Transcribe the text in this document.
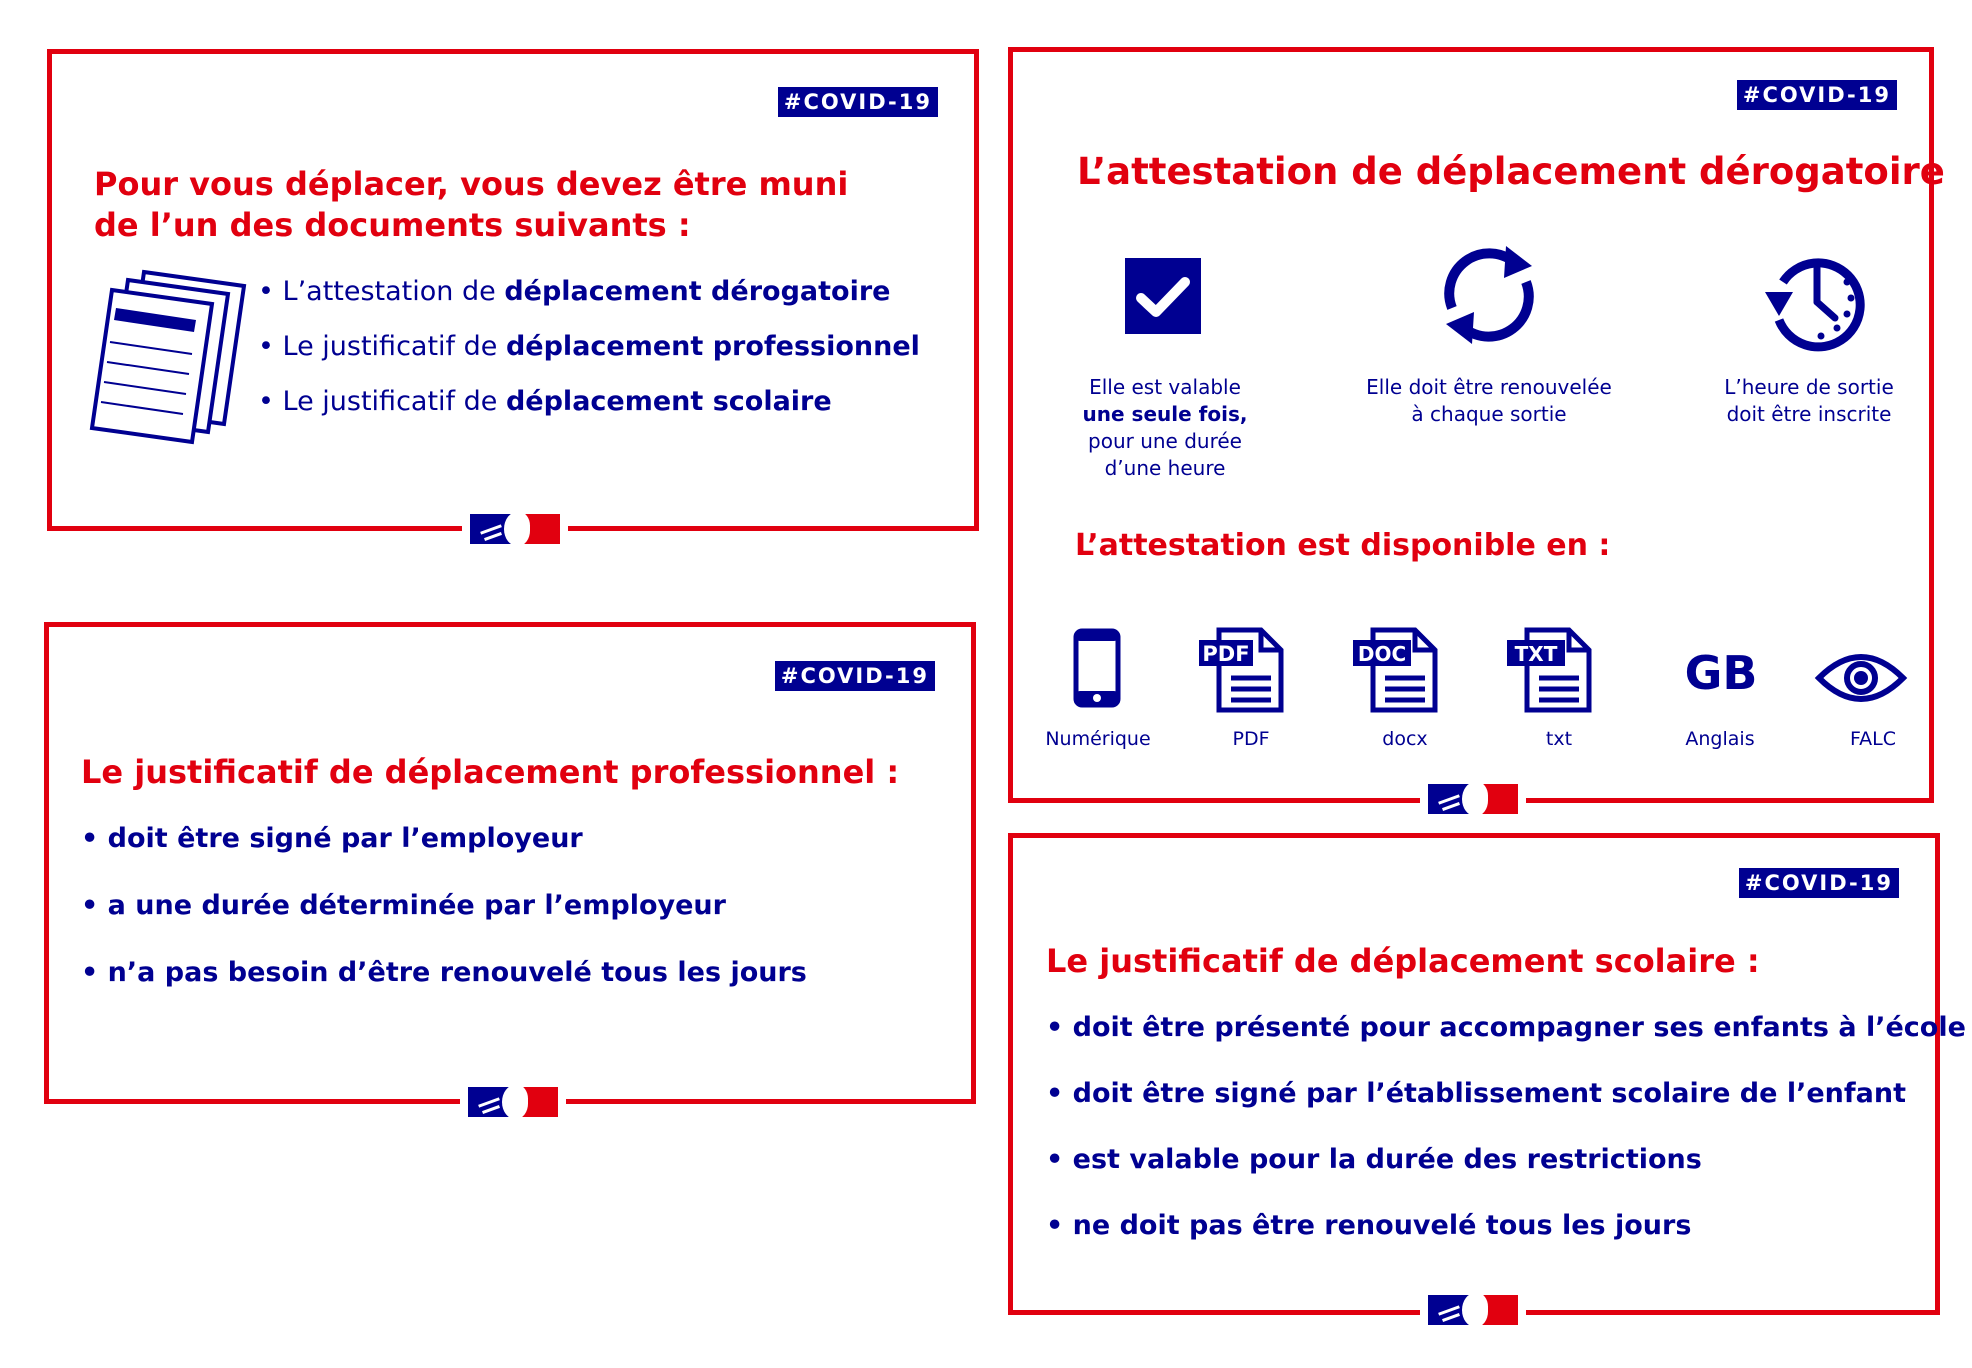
#COVID-19
Pour vous déplacer, vous devez être muni
de l’un des documents suivants :
• L’attestation de déplacement dérogatoire
• Le justificatif de déplacement professionnel
• Le justificatif de déplacement scolaire
#COVID-19
L’attestation de déplacement dérogatoire
Elle est valable
une seule fois,
pour une durée
d’une heure
Elle doit être renouvelée
à chaque sortie
L’heure de sortie
doit être inscrite
L’attestation est disponible en :
PDF	DOC	TXT	GB
Numérique	PDF	docx	txt	Anglais	FALC
#COVID-19
Le justificatif de déplacement professionnel :
• doit être signé par l’employeur
• a une durée déterminée par l’employeur
• n’a pas besoin d’être renouvelé tous les jours
#COVID-19
Le justificatif de déplacement scolaire :
• doit être présenté pour accompagner ses enfants à l’école
• doit être signé par l’établissement scolaire de l’enfant
• est valable pour la durée des restrictions
• ne doit pas être renouvelé tous les jours
